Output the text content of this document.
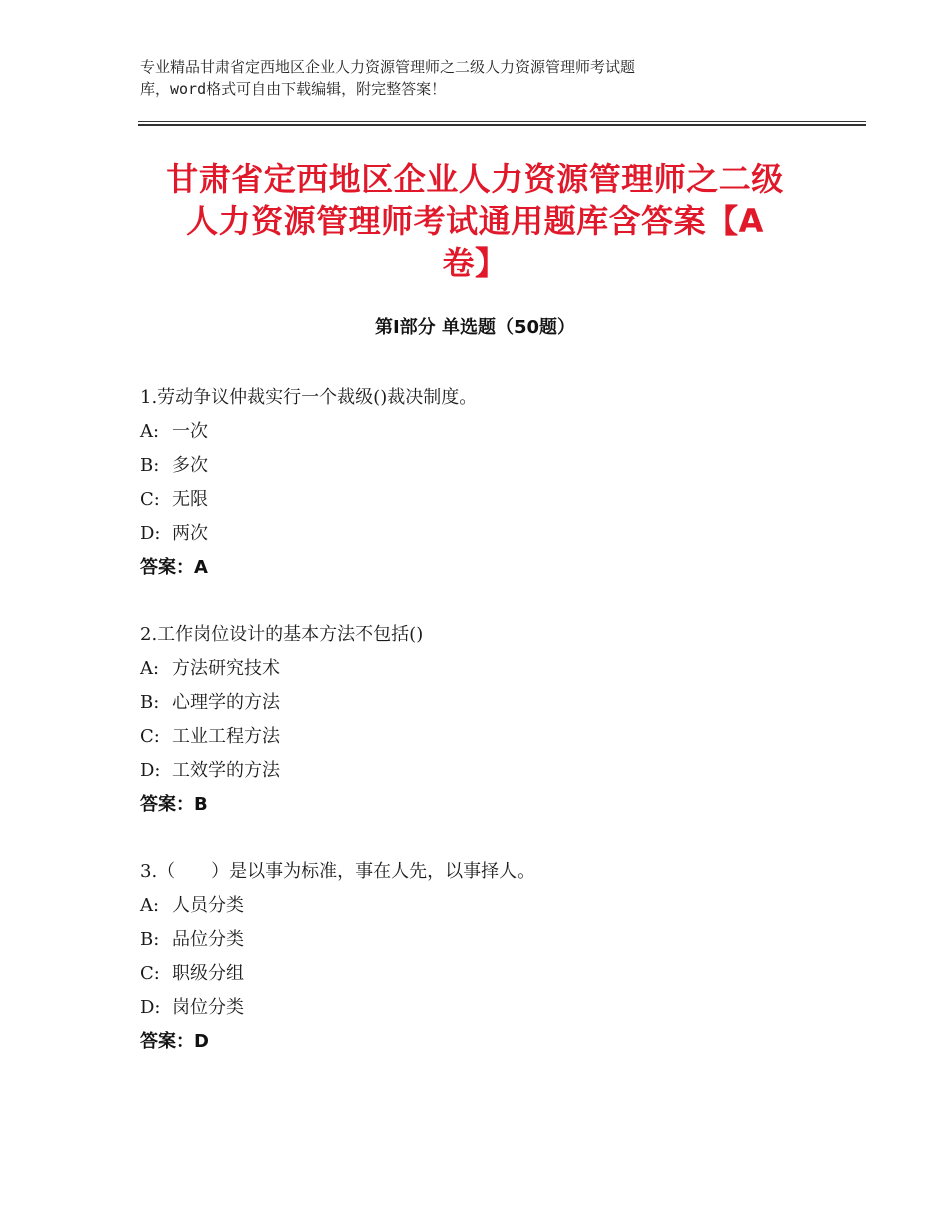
专业精品甘肃省定西地区企业人力资源管理师之二级人力资源管理师考试题
库，word格式可自由下载编辑，附完整答案！
甘肃省定西地区企业人力资源管理师之二级
人力资源管理师考试通用题库含答案【A
卷】
第Ⅰ部分 单选题（50题）
1.劳动争议仲裁实行一个裁级()裁决制度。
A: 一次
B: 多次
C: 无限
D: 两次
答案：A
2.工作岗位设计的基本方法不包括()
A: 方法研究技术
B: 心理学的方法
C: 工业工程方法
D: 工效学的方法
答案：B
3.（　　）是以事为标准，事在人先，以事择人。
A: 人员分类
B: 品位分类
C: 职级分组
D: 岗位分类
答案：D
